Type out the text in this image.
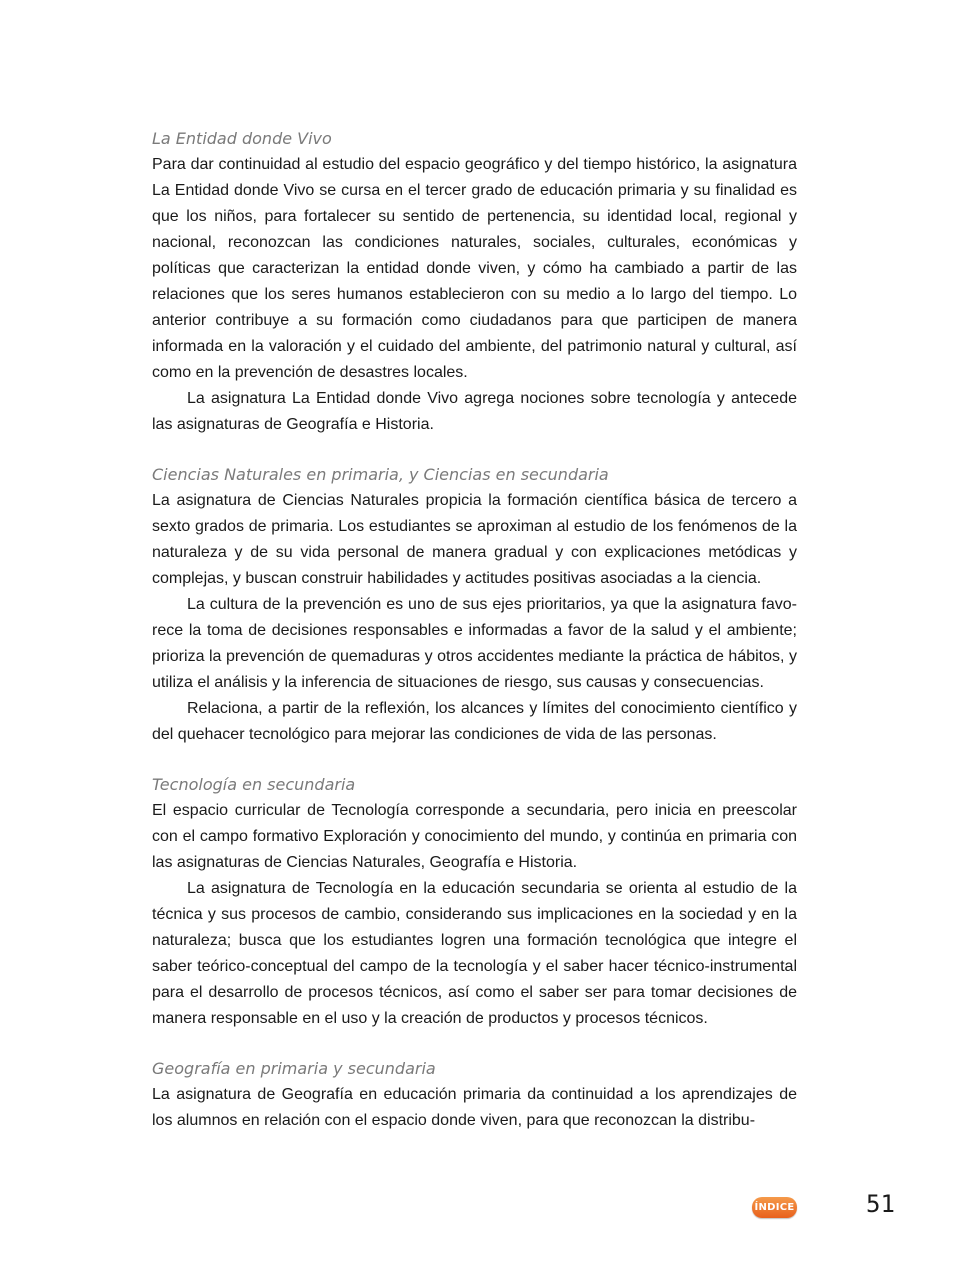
La Entidad donde Vivo

Para dar continuidad al estudio del espacio geográfico y del tiempo histórico, la asignatura La Entidad donde Vivo se cursa en el tercer grado de educación primaria y su finalidad es que los niños, para fortalecer su sentido de pertenencia, su identidad local, regional y nacional, reconozcan las condiciones naturales, sociales, culturales, económicas y políticas que caracterizan la entidad donde viven, y cómo ha cambiado a partir de las relaciones que los seres humanos establecieron con su medio a lo largo del tiempo. Lo anterior contribuye a su formación como ciudadanos para que participen de manera informada en la valoración y el cuidado del ambiente, del patrimonio natural y cultural, así como en la prevención de desastres locales.

La asignatura La Entidad donde Vivo agrega nociones sobre tecnología y antecede las asignaturas de Geografía e Historia.

Ciencias Naturales en primaria, y Ciencias en secundaria

La asignatura de Ciencias Naturales propicia la formación científica básica de tercero a sexto grados de primaria. Los estudiantes se aproximan al estudio de los fenómenos de la naturaleza y de su vida personal de manera gradual y con explicaciones metódicas y complejas, y buscan construir habilidades y actitudes positivas asociadas a la ciencia.

La cultura de la prevención es uno de sus ejes prioritarios, ya que la asignatura favorece la toma de decisiones responsables e informadas a favor de la salud y el ambiente; prioriza la prevención de quemaduras y otros accidentes mediante la práctica de hábitos, y utiliza el análisis y la inferencia de situaciones de riesgo, sus causas y consecuencias.

Relaciona, a partir de la reflexión, los alcances y límites del conocimiento científico y del quehacer tecnológico para mejorar las condiciones de vida de las personas.

Tecnología en secundaria

El espacio curricular de Tecnología corresponde a secundaria, pero inicia en preescolar con el campo formativo Exploración y conocimiento del mundo, y continúa en primaria con las asignaturas de Ciencias Naturales, Geografía e Historia.

La asignatura de Tecnología en la educación secundaria se orienta al estudio de la técnica y sus procesos de cambio, considerando sus implicaciones en la sociedad y en la naturaleza; busca que los estudiantes logren una formación tecnológica que integre el saber teórico-conceptual del campo de la tecnología y el saber hacer técnico-instrumental para el desarrollo de procesos técnicos, así como el saber ser para tomar decisiones de manera responsable en el uso y la creación de productos y procesos técnicos.

Geografía en primaria y secundaria

La asignatura de Geografía en educación primaria da continuidad a los aprendizajes de los alumnos en relación con el espacio donde viven, para que reconozcan la distribu-

ÍNDICE	51
